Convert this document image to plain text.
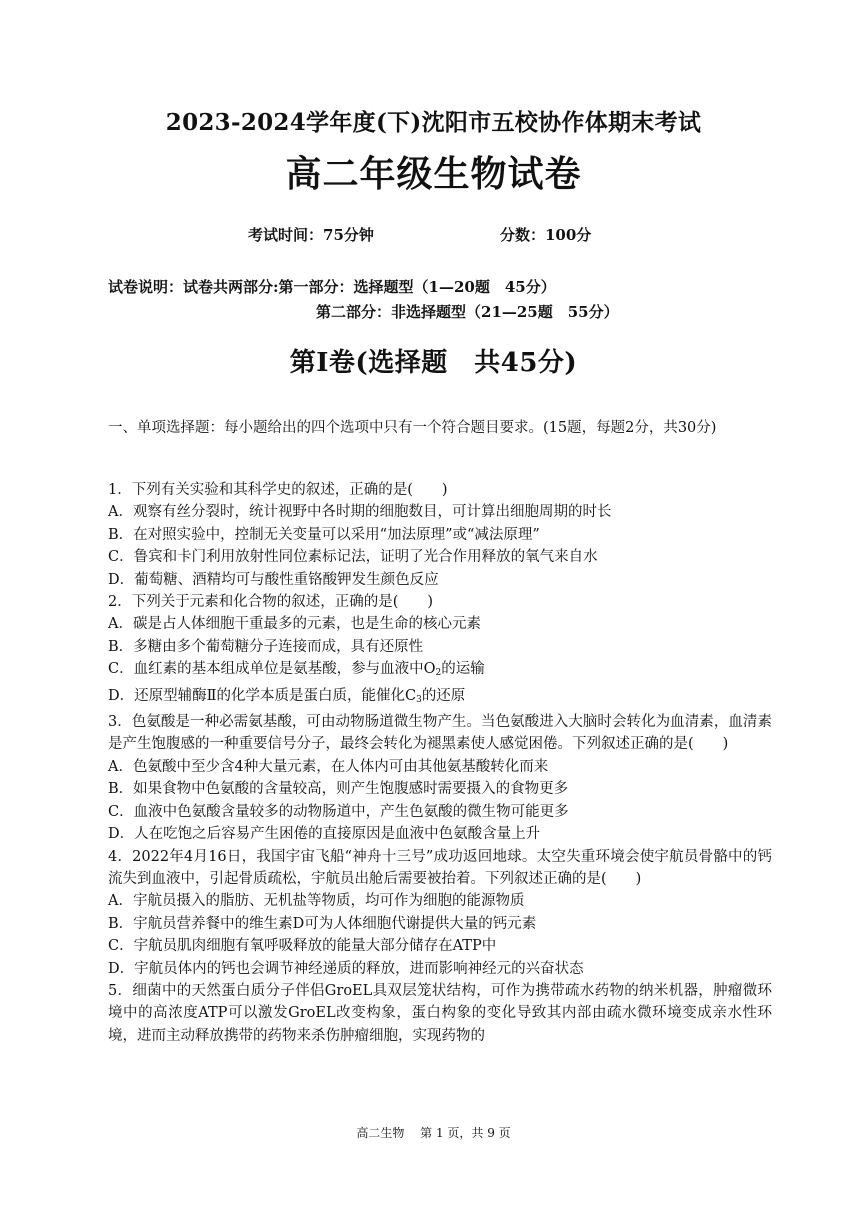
2023-2024学年度(下)沈阳市五校协作体期末考试
高二年级生物试卷
考试时间：75分钟	分数：100分
试卷说明：试卷共两部分:第一部分：选择题型（1—20题　45分）
第二部分：非选择题型（21—25题　55分）
第Ⅰ卷(选择题　共45分)
一、单项选择题：每小题给出的四个选项中只有一个符合题目要求。(15题，每题2分，共30分)
1．下列有关实验和其科学史的叙述，正确的是(　　)
A．观察有丝分裂时，统计视野中各时期的细胞数目，可计算出细胞周期的时长
B．在对照实验中，控制无关变量可以采用“加法原理”或“减法原理”
C．鲁宾和卡门利用放射性同位素标记法，证明了光合作用释放的氧气来自水
D．葡萄糖、酒精均可与酸性重铬酸钾发生颜色反应
2．下列关于元素和化合物的叙述，正确的是(　　)
A．碳是占人体细胞干重最多的元素，也是生命的核心元素
B．多糖由多个葡萄糖分子连接而成，具有还原性
C．血红素的基本组成单位是氨基酸，参与血液中$O_2$的运输
D．还原型辅酶Ⅱ的化学本质是蛋白质，能催化$C_3$的还原
3．色氨酸是一种必需氨基酸，可由动物肠道微生物产生。当色氨酸进入大脑时会转化为血清素，血清素是产生饱腹感的一种重要信号分子，最终会转化为褪黑素使人感觉困倦。下列叙述正确的是(　　)
A．色氨酸中至少含4种大量元素，在人体内可由其他氨基酸转化而来
B．如果食物中色氨酸的含量较高，则产生饱腹感时需要摄入的食物更多
C．血液中色氨酸含量较多的动物肠道中，产生色氨酸的微生物可能更多
D．人在吃饱之后容易产生困倦的直接原因是血液中色氨酸含量上升
4．2022年4月16日，我国宇宙飞船“神舟十三号”成功返回地球。太空失重环境会使宇航员骨骼中的钙流失到血液中，引起骨质疏松，宇航员出舱后需要被抬着。下列叙述正确的是(　　)
A．宇航员摄入的脂肪、无机盐等物质，均可作为细胞的能源物质
B．宇航员营养餐中的维生素D可为人体细胞代谢提供大量的钙元素
C．宇航员肌肉细胞有氧呼吸释放的能量大部分储存在ATP中
D．宇航员体内的钙也会调节神经递质的释放，进而影响神经元的兴奋状态
5．细菌中的天然蛋白质分子伴侣GroEL具双层笼状结构，可作为携带疏水药物的纳米机器，肿瘤微环境中的高浓度ATP可以激发GroEL改变构象，蛋白构象的变化导致其内部由疏水微环境变成亲水性环境，进而主动释放携带的药物来杀伤肿瘤细胞，实现药物的
高二生物 第 1 页，共 9 页
